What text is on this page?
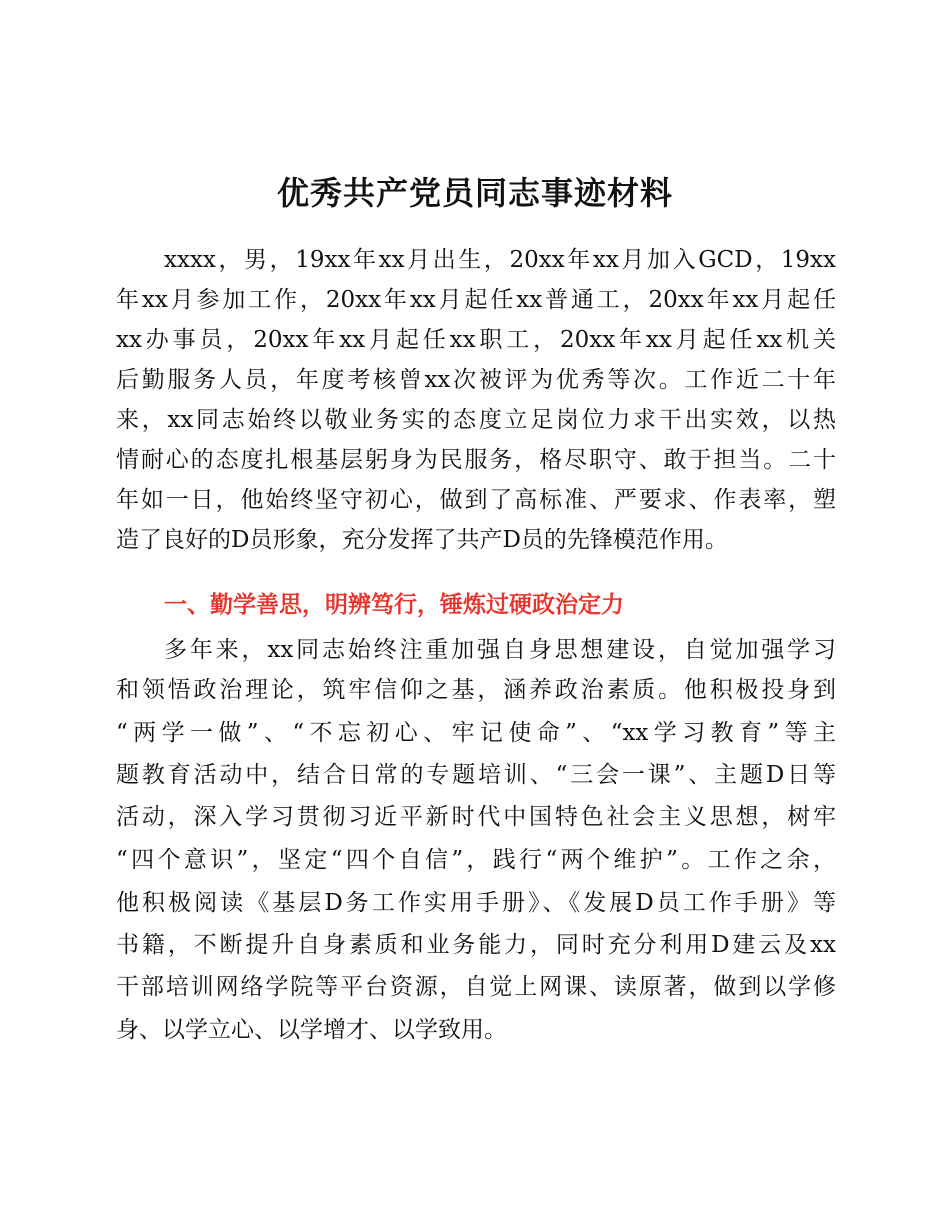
优秀共产党员同志事迹材料
xxxx，男，19xx年xx月出生，20xx年xx月加入GCD，19xx
年xx月参加工作，20xx年xx月起任xx普通工，20xx年xx月起任
xx办事员，20xx年xx月起任xx职工，20xx年xx月起任xx机关
后勤服务人员，年度考核曾xx次被评为优秀等次。工作近二十年
来，xx同志始终以敬业务实的态度立足岗位力求干出实效，以热
情耐心的态度扎根基层躬身为民服务，格尽职守、敢于担当。二十
年如一日，他始终坚守初心，做到了高标准、严要求、作表率，塑
造了良好的D员形象，充分发挥了共产D员的先锋模范作用。
一、勤学善思，明辨笃行，锤炼过硬政治定力
多年来，xx同志始终注重加强自身思想建设，自觉加强学习
和领悟政治理论，筑牢信仰之基，涵养政治素质。他积极投身到
“两学一做”、“不忘初心、牢记使命”、“xx学习教育”等主
题教育活动中，结合日常的专题培训、“三会一课”、主题D日等
活动，深入学习贯彻习近平新时代中国特色社会主义思想，树牢
“四个意识”，坚定“四个自信”，践行“两个维护”。工作之余，
他积极阅读《基层D务工作实用手册》、《发展D员工作手册》等
书籍，不断提升自身素质和业务能力，同时充分利用D建云及xx
干部培训网络学院等平台资源，自觉上网课、读原著，做到以学修
身、以学立心、以学增才、以学致用。
